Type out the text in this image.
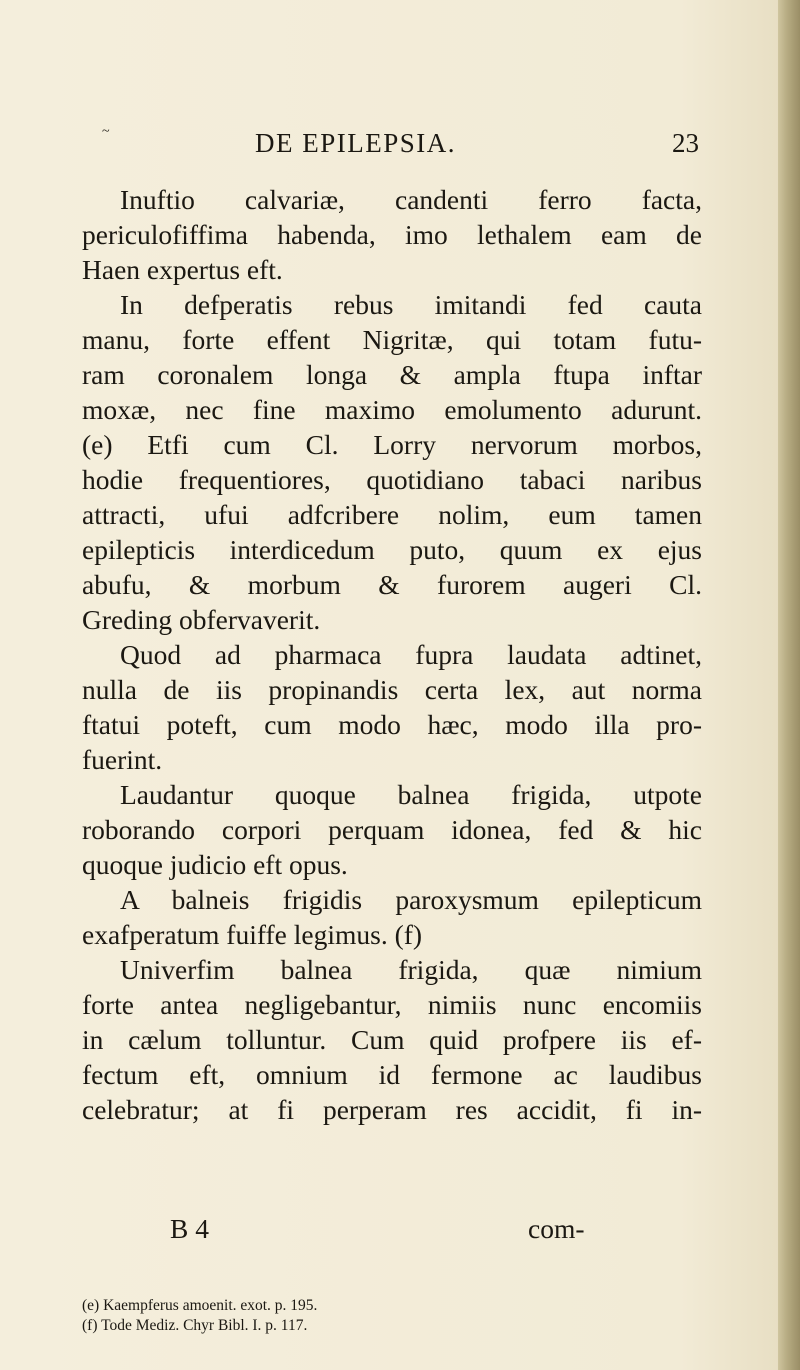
~	DE EPILEPSIA.	23
Inuftio calvariæ, candenti ferro facta,
periculofiffima habenda, imo lethalem eam de
Haen expertus eft.
In defperatis rebus imitandi fed cauta
manu, forte effent Nigritæ, qui totam futu-
ram coronalem longa & ampla ftupa inftar
moxæ, nec fine maximo emolumento adurunt.
(e) Etfi cum Cl. Lorry nervorum morbos,
hodie frequentiores, quotidiano tabaci naribus
attracti, ufui adfcribere nolim, eum tamen
epilepticis interdicedum puto, quum ex ejus
abufu, & morbum & furorem augeri Cl.
Greding obfervaverit.
Quod ad pharmaca fupra laudata adtinet,
nulla de iis propinandis certa lex, aut norma
ftatui poteft, cum modo hæc, modo illa pro-
fuerint.
Laudantur quoque balnea frigida, utpote
roborando corpori perquam idonea, fed & hic
quoque judicio eft opus.
A balneis frigidis paroxysmum epilepticum
exafperatum fuiffe legimus. (f)
Univerfim balnea frigida, quæ nimium
forte antea negligebantur, nimiis nunc encomiis
in cælum tolluntur. Cum quid profpere iis ef-
fectum eft, omnium id fermone ac laudibus
celebratur; at fi perperam res accidit, fi in-
B 4	com-
(e) Kaempferus amoenit. exot. p. 195.
(f) Tode Mediz. Chyr Bibl. I. p. 117.
